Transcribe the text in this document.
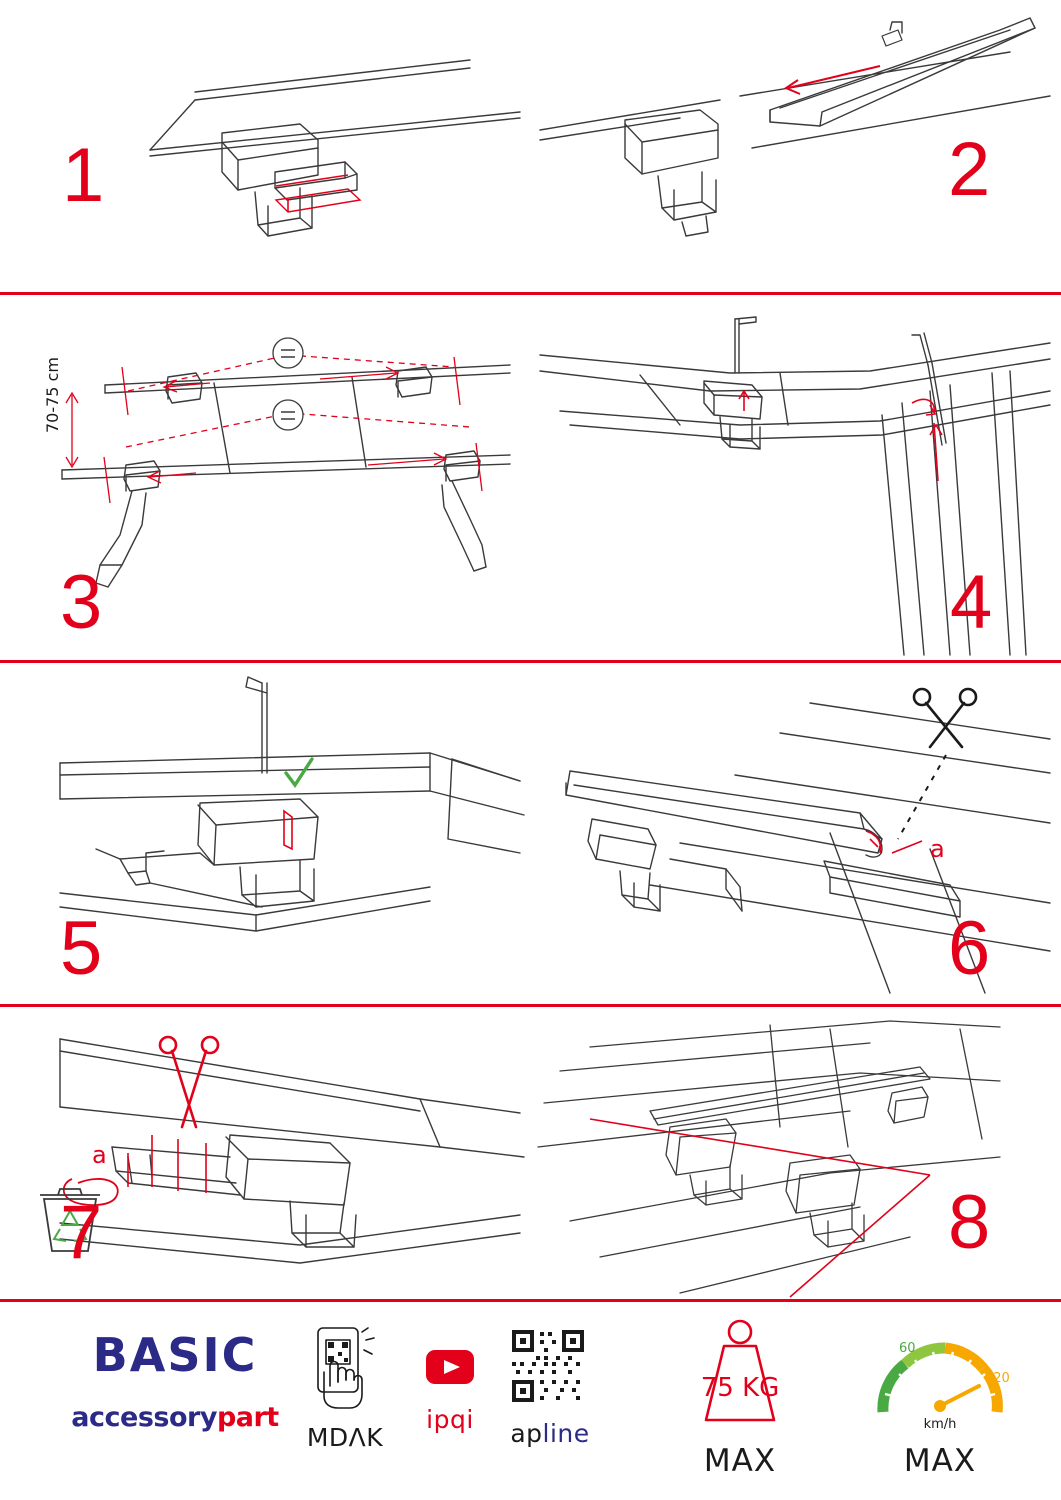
1	2
70-75 cm
3	4
5
a
6
a
7	8
BASIC
accessorypart
MDΛK
ipqi	apline
75 KG
MAX
60
120
km/h
MAX
